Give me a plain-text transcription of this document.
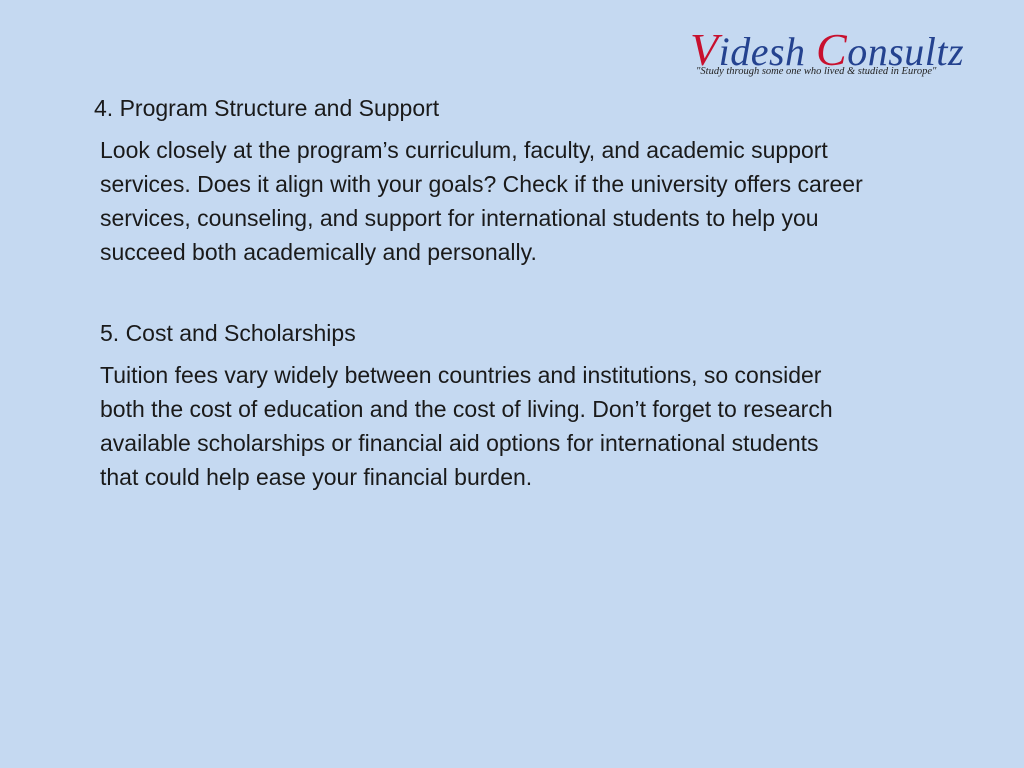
Videsh Consultz
"Study through some one who lived & studied in Europe"
4. Program Structure and Support
Look closely at the program’s curriculum, faculty, and academic support
services. Does it align with your goals? Check if the university offers career
services, counseling, and support for international students to help you
succeed both academically and personally.
5. Cost and Scholarships
Tuition fees vary widely between countries and institutions, so consider
both the cost of education and the cost of living. Don’t forget to research
available scholarships or financial aid options for international students
that could help ease your financial burden.
